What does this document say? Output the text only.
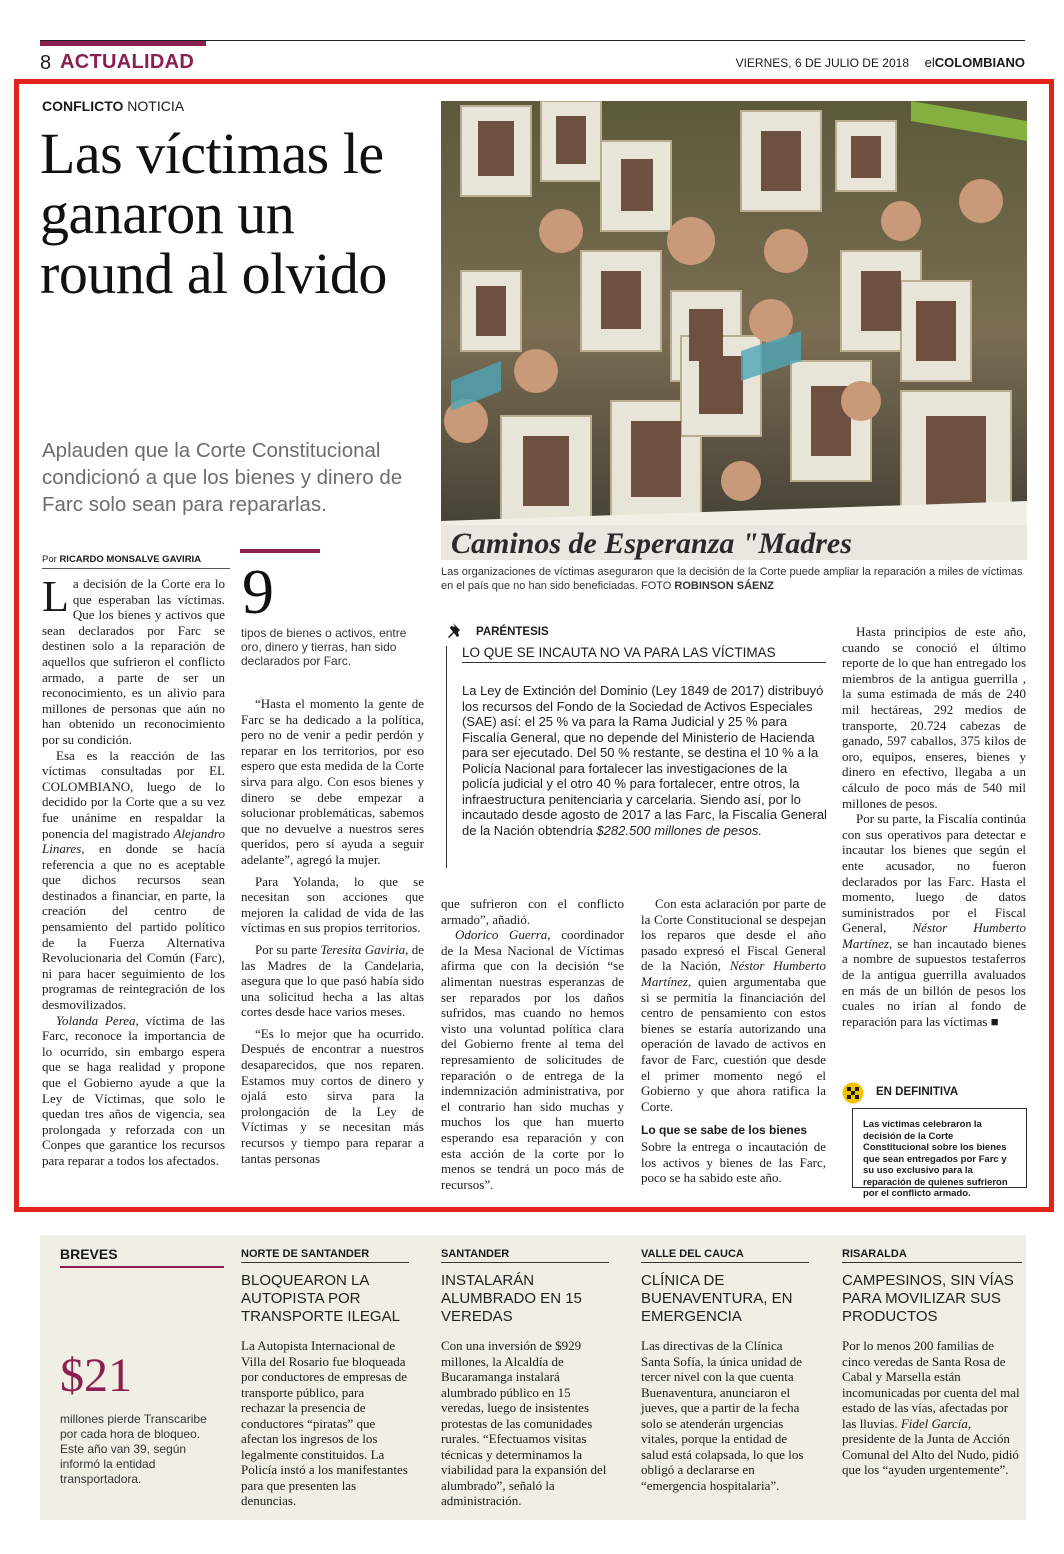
8 ACTUALIDAD	VIERNES, 6 DE JULIO DE 2018 elCOLOMBIANO
CONFLICTO NOTICIA
Las víctimas le ganaron un round al olvido
Aplauden que la Corte Constitucional condicionó a que los bienes y dinero de Farc solo sean para repararlas.
Caminos de Esperanza "Madres
Las organizaciones de víctimas aseguraron que la decisión de la Corte puede ampliar la reparación a miles de víctimas en el país que no han sido beneficiadas. FOTO ROBINSON SÁENZ
Por RICARDO MONSALVE GAVIRIA 9
tipos de bienes o activos, entre oro, dinero y tierras, han sido declarados por Farc.

La decisión de la Corte era lo que esperaban las víctimas. Que los bienes y activos que sean declarados por Farc se destinen solo a la reparación de aquellos que sufrieron el conflicto armado, a parte de ser un reconocimiento, es un alivio para millones de personas que aún no han obtenido un reconocimiento por su condición.

Esa es la reacción de las víctimas consultadas por EL COLOMBIANO, luego de lo decidido por la Corte que a su vez fue unánime en respaldar la ponencia del magistrado Alejandro Linares, en donde se hacía referencia a que no es aceptable que dichos recursos sean destinados a financiar, en parte, la creación del centro de pensamiento del partido político de la Fuerza Alternativa Revolucionaria del Común (Farc), ni para hacer seguimiento de los programas de reintegración de los desmovilizados.

Yolanda Perea, víctima de las Farc, reconoce la importancia de lo ocurrido, sin embargo espera que se haga realidad y propone que el Gobierno ayude a que la Ley de Víctimas, que solo le quedan tres años de vigencia, sea prolongada y reforzada con un Conpes que garantice los recursos para reparar a todos los afectados.

“Hasta el momento la gente de Farc se ha dedicado a la política, pero no de venir a pedir perdón y reparar en los territorios, por eso espero que esta medida de la Corte sirva para algo. Con esos bienes y dinero se debe empezar a solucionar problemáticas, sabemos que no devuelve a nuestros seres queridos, pero sí ayuda a seguir adelante”, agregó la mujer.

Para Yolanda, lo que se necesitan son acciones que mejoren la calidad de vida de las víctimas en sus propios territorios.

Por su parte Teresita Gaviria, de las Madres de la Candelaria, asegura que lo que pasó había sido una solicitud hecha a las altas cortes desde hace varios meses.

“Es lo mejor que ha ocurrido. Después de encontrar a nuestros desaparecidos, que nos reparen. Estamos muy cortos de dinero y ojalá esto sirva para la prolongación de la Ley de Víctimas y se necesitan más recursos y tiempo para reparar a tantas personas

PARÉNTESIS
LO QUE SE INCAUTA NO VA PARA LAS VÍCTIMAS
La Ley de Extinción del Dominio (Ley 1849 de 2017) distribuyó los recursos del Fondo de la Sociedad de Activos Especiales (SAE) así: el 25 % va para la Rama Judicial y 25 % para Fiscalía General, que no depende del Ministerio de Hacienda para ser ejecutado. Del 50 % restante, se destina el 10 % a la Policía Nacional para fortalecer las investigaciones de la policía judicial y el otro 40 % para fortalecer, entre otros, la infraestructura penitenciaria y carcelaria. Siendo así, por lo incautado desde agosto de 2017 a las Farc, la Fiscalía General de la Nación obtendría $282.500 millones de pesos.

que sufrieron con el conflicto armado”, añadió.

Odorico Guerra, coordinador de la Mesa Nacional de Víctimas afirma que con la decisión “se alimentan nuestras esperanzas de ser reparados por los daños sufridos, mas cuando no hemos visto una voluntad política clara del Gobierno frente al tema del represamiento de solicitudes de reparación o de entrega de la indemnización administrativa, por el contrario han sido muchas y muchos los que han muerto esperando esa reparación y con esta acción de la corte por lo menos se tendrá un poco más de recursos”.

Con esta aclaración por parte de la Corte Constitucional se despejan los reparos que desde el año pasado expresó el Fiscal General de la Nación, Néstor Humberto Martínez, quien argumentaba que si se permitía la financiación del centro de pensamiento con estos bienes se estaría autorizando una operación de lavado de activos en favor de Farc, cuestión que desde el primer momento negó el Gobierno y que ahora ratifica la Corte.

Lo que se sabe de los bienes

Sobre la entrega o incautación de los activos y bienes de las Farc, poco se ha sabido este año.

Hasta principios de este año, cuando se conoció el último reporte de lo que han entregado los miembros de la antigua guerrilla , la suma estimada de más de 240 mil hectáreas, 292 medios de transporte, 20.724 cabezas de ganado, 597 caballos, 375 kilos de oro, equipos, enseres, bienes y dinero en efectivo, llegaba a un cálculo de poco más de 540 mil millones de pesos.

Por su parte, la Fiscalía continúa con sus operativos para detectar e incautar los bienes que según el ente acusador, no fueron declarados por las Farc. Hasta el momento, luego de datos suministrados por el Fiscal General, Néstor Humberto Martínez, se han incautado bienes a nombre de supuestos testaferros de la antigua guerrilla avaluados en más de un billón de pesos los cuales no irían al fondo de reparación para las víctimas ■

EN DEFINITIVA
Las víctimas celebraron la decisión de la Corte Constitucional sobre los bienes que sean entregados por Farc y su uso exclusivo para la reparación de quienes sufrieron por el conflicto armado.
BREVES
$21
millones pierde Transcaribe por cada hora de bloqueo. Este año van 39, según informó la entidad transportadora.
NORTE DE SANTANDER
BLOQUEARON LA AUTOPISTA POR TRANSPORTE ILEGAL
La Autopista Internacional de Villa del Rosario fue bloqueada por conductores de empresas de transporte público, para rechazar la presencia de conductores “piratas” que afectan los ingresos de los legalmente constituidos. La Policía instó a los manifestantes para que presenten las denuncias.
SANTANDER
INSTALARÁN ALUMBRADO EN 15 VEREDAS
Con una inversión de $929 millones, la Alcaldía de Bucaramanga instalará alumbrado público en 15 veredas, luego de insistentes protestas de las comunidades rurales. “Efectuamos visitas técnicas y determinamos la viabilidad para la expansión del alumbrado”, señaló la administración.
VALLE DEL CAUCA
CLÍNICA DE BUENAVENTURA, EN EMERGENCIA
Las directivas de la Clínica Santa Sofía, la única unidad de tercer nivel con la que cuenta Buenaventura, anunciaron el jueves, que a partir de la fecha solo se atenderán urgencias vitales, porque la entidad de salud está colapsada, lo que los obligó a declararse en “emergencia hospitalaria”.
RISARALDA
CAMPESINOS, SIN VÍAS PARA MOVILIZAR SUS PRODUCTOS
Por lo menos 200 familias de cinco veredas de Santa Rosa de Cabal y Marsella están incomunicadas por cuenta del mal estado de las vías, afectadas por las lluvias. Fidel García, presidente de la Junta de Acción Comunal del Alto del Nudo, pidió que los “ayuden urgentemente”.
